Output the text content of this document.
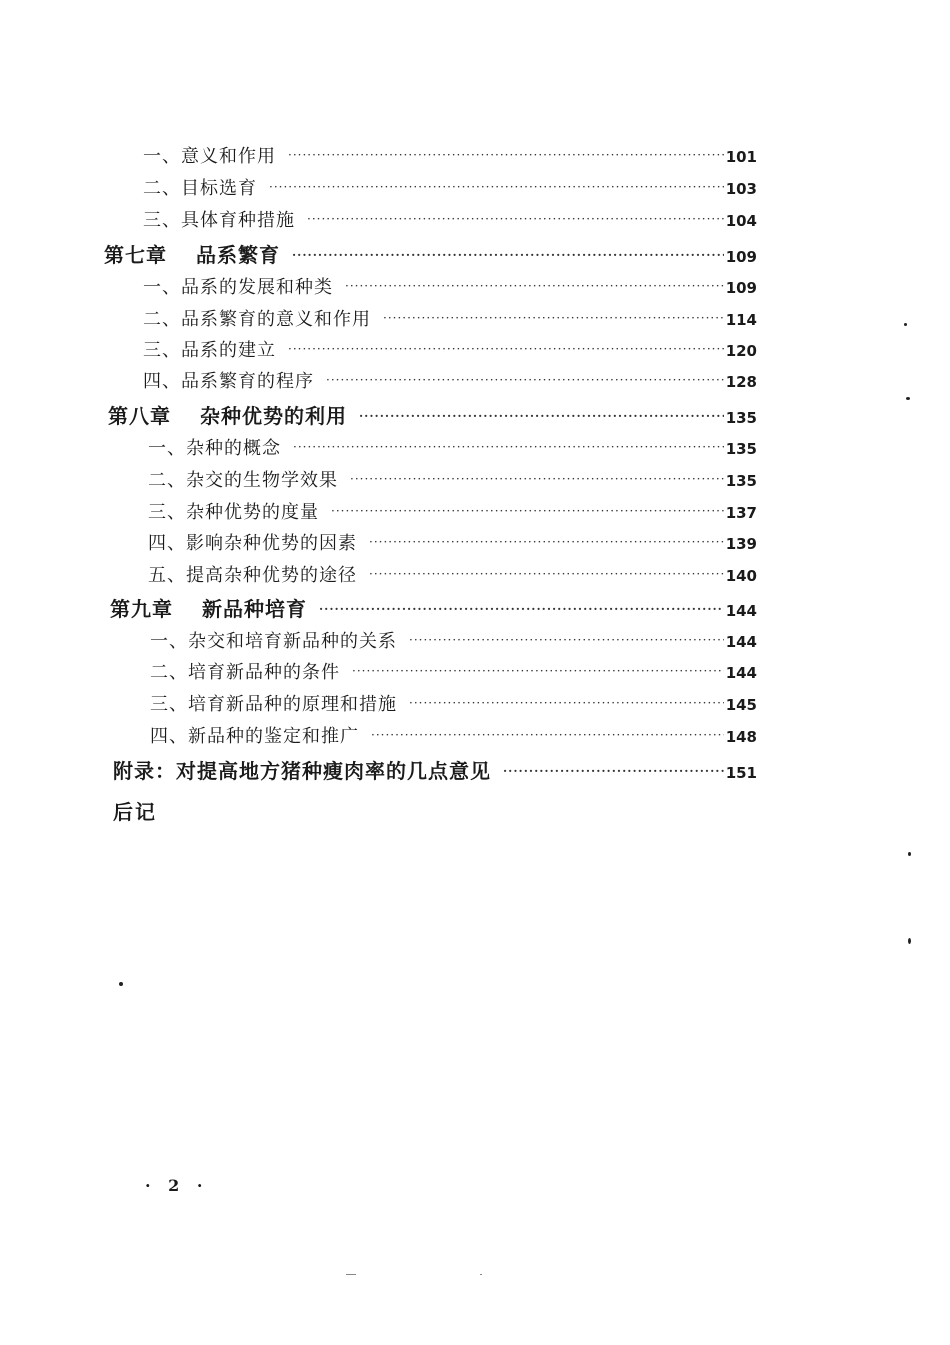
一、意义和作用 ·····	101
二、目标选育 ·····	103
三、具体育种措施 ·····	104
第七章 品系繁育 ·····	109
一、品系的发展和种类 ·····	109
二、品系繁育的意义和作用 ·····	114
三、品系的建立 ·····	120
四、品系繁育的程序 ·····	128
第八章 杂种优势的利用 ·····	135
一、杂种的概念 ·····	135
二、杂交的生物学效果 ·····	135
三、杂种优势的度量 ·····	137
四、影响杂种优势的因素 ·····	139
五、提高杂种优势的途径 ·····	140
第九章 新品种培育 ·····	144
一、杂交和培育新品种的关系 ·····	144
二、培育新品种的条件 ·····	144
三、培育新品种的原理和措施 ·····	145
四、新品种的鉴定和推广 ·····	148
附录：对提高地方猪种瘦肉率的几点意见 ·····	151
后记
· 2 ·
